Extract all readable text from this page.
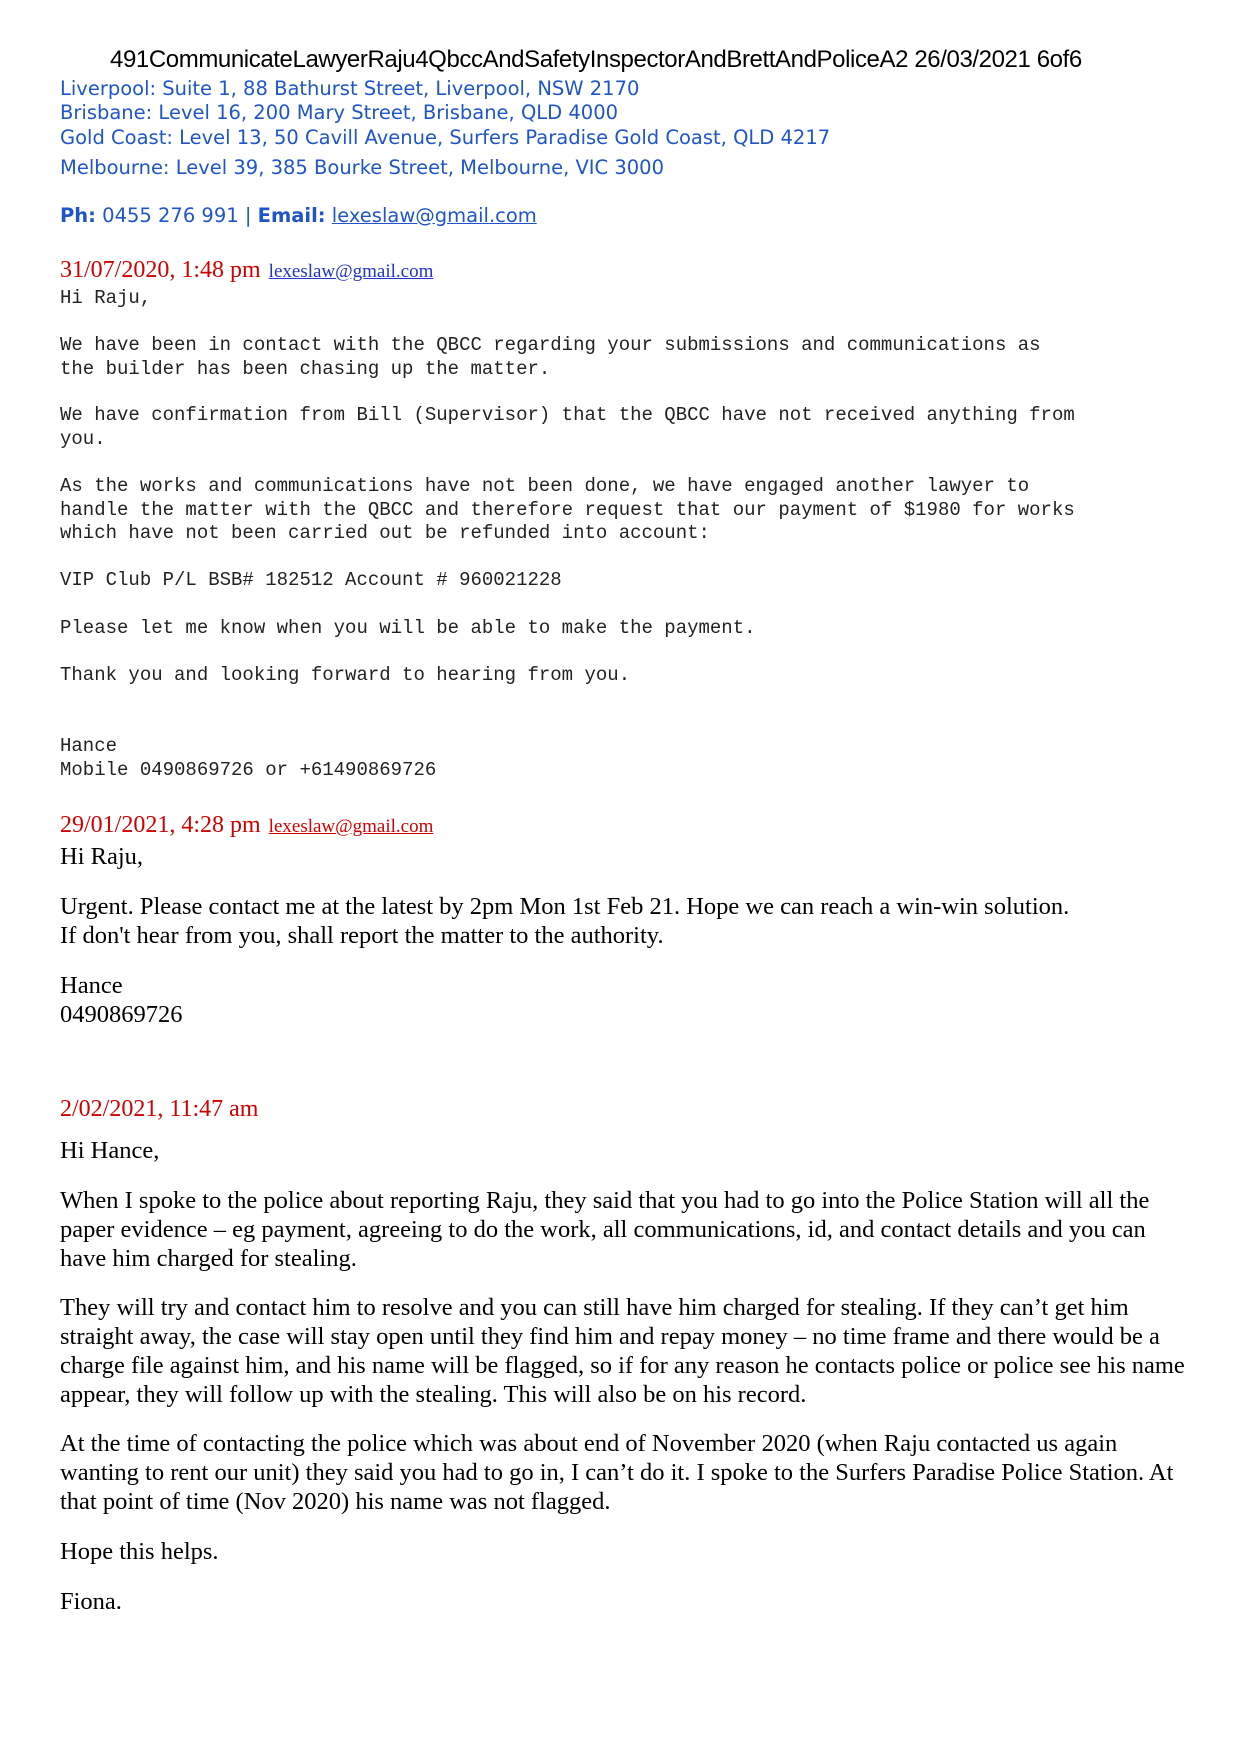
491CommunicateLawyerRaju4QbccAndSafetyInspectorAndBrettAndPoliceA2 26/03/2021 6of6
Liverpool: Suite 1, 88 Bathurst Street, Liverpool, NSW 2170
Brisbane: Level 16, 200 Mary Street, Brisbane, QLD 4000
Gold Coast: Level 13, 50 Cavill Avenue, Surfers Paradise Gold Coast, QLD 4217
Melbourne: Level 39, 385 Bourke Street, Melbourne, VIC 3000
Ph: 0455 276 991 | Email: lexeslaw@gmail.com
31/07/2020, 1:48 pm lexeslaw@gmail.com
Hi Raju,
We have been in contact with the QBCC regarding your submissions and communications as
the builder has been chasing up the matter.
We have confirmation from Bill (Supervisor) that the QBCC have not received anything from
you.
As the works and communications have not been done, we have engaged another lawyer to
handle the matter with the QBCC and therefore request that our payment of $1980 for works
which have not been carried out be refunded into account:
VIP Club P/L BSB# 182512 Account # 960021228
Please let me know when you will be able to make the payment.
Thank you and looking forward to hearing from you.
Hance
Mobile 0490869726 or +61490869726
29/01/2021, 4:28 pm lexeslaw@gmail.com
Hi Raju,
Urgent. Please contact me at the latest by 2pm Mon 1st Feb 21. Hope we can reach a win-win solution.
If don't hear from you, shall report the matter to the authority.
Hance
0490869726
2/02/2021, 11:47 am
Hi Hance,
When I spoke to the police about reporting Raju, they said that you had to go into the Police Station will all the paper evidence – eg payment, agreeing to do the work, all communications, id, and contact details and you can have him charged for stealing.
They will try and contact him to resolve and you can still have him charged for stealing. If they can’t get him straight away, the case will stay open until they find him and repay money – no time frame and there would be a charge file against him, and his name will be flagged, so if for any reason he contacts police or police see his name appear, they will follow up with the stealing. This will also be on his record.
At the time of contacting the police which was about end of November 2020 (when Raju contacted us again wanting to rent our unit) they said you had to go in, I can’t do it. I spoke to the Surfers Paradise Police Station. At that point of time (Nov 2020) his name was not flagged.
Hope this helps.
Fiona.
